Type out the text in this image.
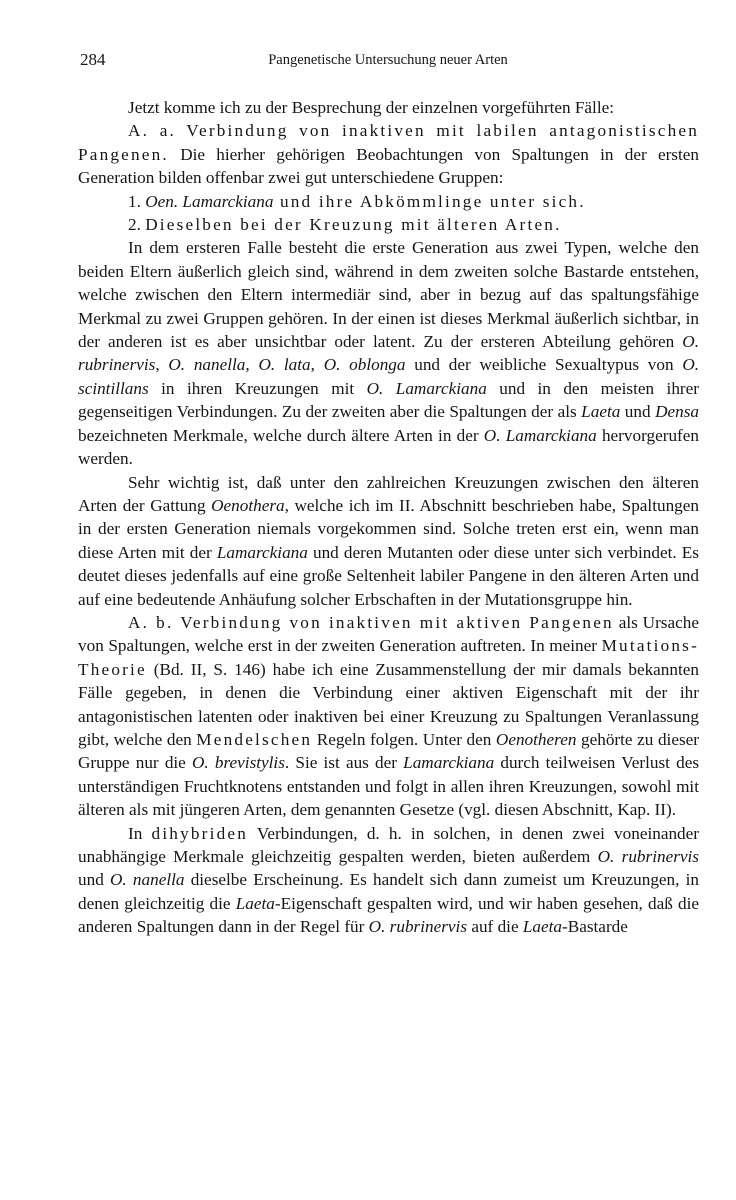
284	Pangenetische Untersuchung neuer Arten

Jetzt komme ich zu der Besprechung der einzelnen vorgeführten Fälle:

A. a. Verbindung von inaktiven mit labilen antagonistischen Pangenen. Die hierher gehörigen Beobachtungen von Spaltungen in der ersten Generation bilden offenbar zwei gut unterschiedene Gruppen:

1. Oen. Lamarckiana und ihre Abkömmlinge unter sich.

2. Dieselben bei der Kreuzung mit älteren Arten.

In dem ersteren Falle besteht die erste Generation aus zwei Typen, welche den beiden Eltern äußerlich gleich sind, während in dem zweiten solche Bastarde entstehen, welche zwischen den Eltern intermediär sind, aber in bezug auf das spaltungsfähige Merkmal zu zwei Gruppen gehören. In der einen ist dieses Merkmal äußerlich sichtbar, in der anderen ist es aber unsichtbar oder latent. Zu der ersteren Abteilung gehören O. rubrinervis, O. nanella, O. lata, O. oblonga und der weibliche Sexualtypus von O. scintillans in ihren Kreuzungen mit O. Lamarckiana und in den meisten ihrer gegenseitigen Verbindungen. Zu der zweiten aber die Spaltungen der als Laeta und Densa bezeichneten Merkmale, welche durch ältere Arten in der O. Lamarckiana hervorgerufen werden.

Sehr wichtig ist, daß unter den zahlreichen Kreuzungen zwischen den älteren Arten der Gattung Oenothera, welche ich im II. Abschnitt beschrieben habe, Spaltungen in der ersten Generation niemals vorgekommen sind. Solche treten erst ein, wenn man diese Arten mit der Lamarckiana und deren Mutanten oder diese unter sich verbindet. Es deutet dieses jedenfalls auf eine große Seltenheit labiler Pangene in den älteren Arten und auf eine bedeutende Anhäufung solcher Erbschaften in der Mutationsgruppe hin.

A. b. Verbindung von inaktiven mit aktiven Pangenen als Ursache von Spaltungen, welche erst in der zweiten Generation auftreten. In meiner Mutations-Theorie (Bd. II, S. 146) habe ich eine Zusammenstellung der mir damals bekannten Fälle gegeben, in denen die Verbindung einer aktiven Eigenschaft mit der ihr antagonistischen latenten oder inaktiven bei einer Kreuzung zu Spaltungen Veranlassung gibt, welche den Mendelschen Regeln folgen. Unter den Oenotheren gehörte zu dieser Gruppe nur die O. brevistylis. Sie ist aus der Lamarckiana durch teilweisen Verlust des unterständigen Fruchtknotens entstanden und folgt in allen ihren Kreuzungen, sowohl mit älteren als mit jüngeren Arten, dem genannten Gesetze (vgl. diesen Abschnitt, Kap. II).

In dihybriden Verbindungen, d. h. in solchen, in denen zwei voneinander unabhängige Merkmale gleichzeitig gespalten werden, bieten außerdem O. rubrinervis und O. nanella dieselbe Erscheinung. Es handelt sich dann zumeist um Kreuzungen, in denen gleichzeitig die Laeta-Eigenschaft gespalten wird, und wir haben gesehen, daß die anderen Spaltungen dann in der Regel für O. rubrinervis auf die Laeta-Bastarde
